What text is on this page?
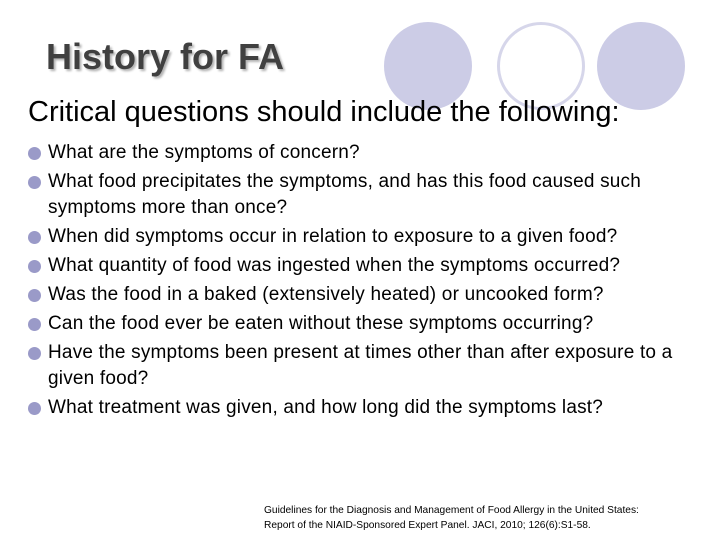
History for FA
Critical questions should include the following:
What are the symptoms of concern?
What food precipitates the symptoms, and has this food caused such symptoms more than once?
When did symptoms occur in relation to exposure to a given food?
What quantity of food was ingested when the symptoms occurred?
Was the food in a baked (extensively heated) or uncooked form?
Can the food ever be eaten without these symptoms occurring?
Have the symptoms been present at times other than after exposure to a given food?
What treatment was given, and how long did the symptoms last?
Guidelines for the Diagnosis and Management of Food Allergy in the United States:
Report of the NIAID-Sponsored Expert Panel. JACI, 2010; 126(6):S1-58.
